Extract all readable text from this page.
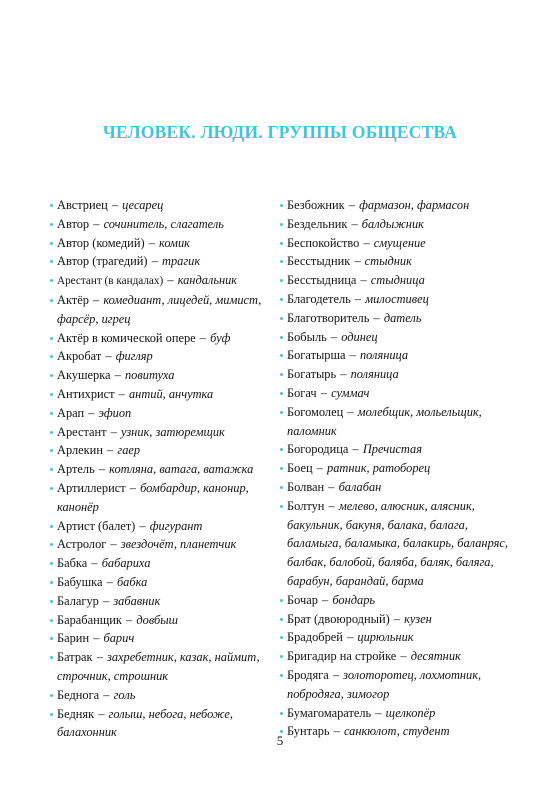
ЧЕЛОВЕК. ЛЮДИ. ГРУППЫ ОБЩЕСТВА
Австриец – цесарец
Автор – сочинитель, слагатель
Автор (комедий) – комик
Автор (трагедий) – трагик
Арестант (в кандалах) – кандальник
Актёр – комедиант, лицедей, мимист, фарсёр, игрец
Актёр в комической опере – буф
Акробат – фигляр
Акушерка – повитуха
Антихрист – антий, анчутка
Арап – эфиоп
Арестант – узник, затюремщик
Арлекин – гаер
Артель – котляна, ватага, ватажка
Артиллерист – бомбардир, канонир, канонёр
Артист (балет) – фигурант
Астролог – звездочёт, планетчик
Бабка – бабариха
Бабушка – бабка
Балагур – забавник
Барабанщик – довбыш
Барин – барич
Батрак – захребетник, казак, наймит, строчник, строшник
Беднога – голь
Бедняк – голыш, небога, небоже, балахонник
Безбожник – фармазон, фармасон
Бездельник – балдыжник
Беспокойство – смущение
Бесстыдник – стыдник
Бесстыдница – стыдница
Благодетель – милостивец
Благотворитель – датель
Бобыль – одинец
Богатырша – поляница
Богатырь – поляница
Богач – суммач
Богомолец – молебщик, мольельщик, паломник
Богородица – Пречистая
Боец – ратник, ратоборец
Болван – балабан
Болтун – мелево, алюсник, алясник, бакульник, бакуня, балака, балага, баламыга, баламыка, балакирь, баланряс, балбак, балобой, баляба, баляк, баляга, барабун, барандай, барма
Бочар – бондарь
Брат (двоюродный) – кузен
Брадобрей – цирюльник
Бригадир на стройке – десятник
Бродяга – золоторотец, лохмотник, побродяга, зимогор
Бумагомаратель – щелкопёр
Бунтарь – санкюлот, студент
5
